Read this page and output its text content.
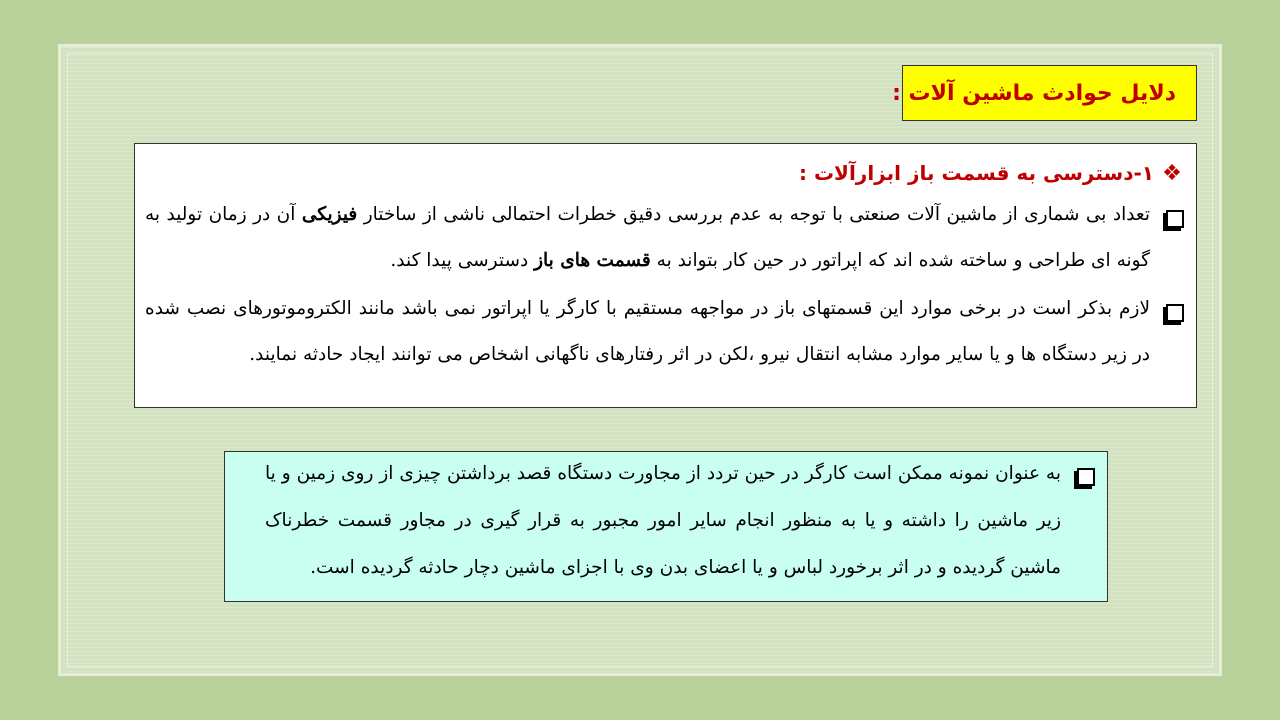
دلایل حوادث ماشین آلات :
❖
۱-دسترسی به قسمت باز ابزارآلات :
تعداد بی شماری از ماشین آلات صنعتی با توجه به عدم بررسی دقیق خطرات احتمالی ناشی از ساختار فیزیکی آن در زمان تولید به گونه ای طراحی و ساخته شده اند که اپراتور در حین کار بتواند به قسمت های باز دسترسی پیدا کند.
لازم بذکر است در برخی موارد این قسمتهای باز در مواجهه مستقیم با کارگر یا اپراتور نمی باشد مانند الکتروموتورهای نصب شده در زیر دستگاه ها و یا سایر موارد مشابه انتقال نیرو ،لکن در اثر رفتارهای ناگهانی اشخاص می توانند ایجاد حادثه نمایند.
به عنوان نمونه ممکن است کارگر در حین تردد از مجاورت دستگاه قصد برداشتن چیزی از روی زمین و یا زیر ماشین را داشته و یا به منظور انجام سایر امور مجبور به قرار گیری در مجاور قسمت خطرناک ماشین گردیده و در اثر برخورد لباس و یا اعضای بدن وی با اجزای ماشین دچار حادثه گردیده است.
